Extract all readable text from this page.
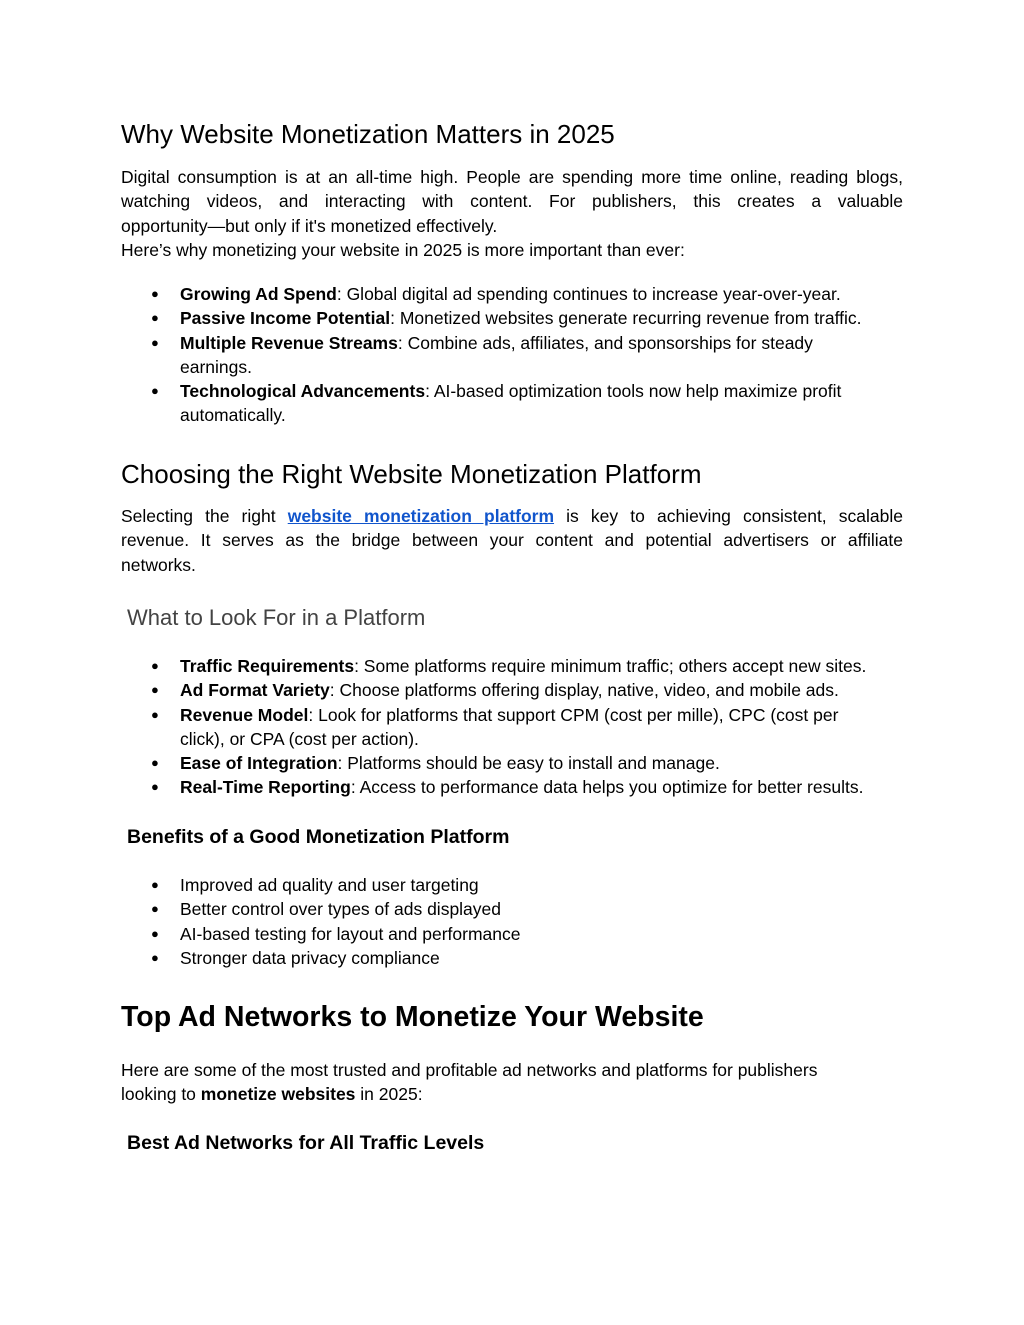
Why Website Monetization Matters in 2025
Digital consumption is at an all-time high. People are spending more time online, reading blogs,
watching videos, and interacting with content. For publishers, this creates a valuable
opportunity—but only if it's monetized effectively.
Here’s why monetizing your website in 2025 is more important than ever:
● Growing Ad Spend: Global digital ad spending continues to increase year-over-year.
● Passive Income Potential: Monetized websites generate recurring revenue from traffic.
● Multiple Revenue Streams: Combine ads, affiliates, and sponsorships for steady earnings.
● Technological Advancements: AI-based optimization tools now help maximize profit automatically.
Choosing the Right Website Monetization Platform
Selecting the right website monetization platform is key to achieving consistent, scalable
revenue. It serves as the bridge between your content and potential advertisers or affiliate
networks.
What to Look For in a Platform
● Traffic Requirements: Some platforms require minimum traffic; others accept new sites.
● Ad Format Variety: Choose platforms offering display, native, video, and mobile ads.
● Revenue Model: Look for platforms that support CPM (cost per mille), CPC (cost per click), or CPA (cost per action).
● Ease of Integration: Platforms should be easy to install and manage.
● Real-Time Reporting: Access to performance data helps you optimize for better results.
Benefits of a Good Monetization Platform
● Improved ad quality and user targeting
● Better control over types of ads displayed
● AI-based testing for layout and performance
● Stronger data privacy compliance
Top Ad Networks to Monetize Your Website
Here are some of the most trusted and profitable ad networks and platforms for publishers
looking to monetize websites in 2025:
Best Ad Networks for All Traffic Levels
